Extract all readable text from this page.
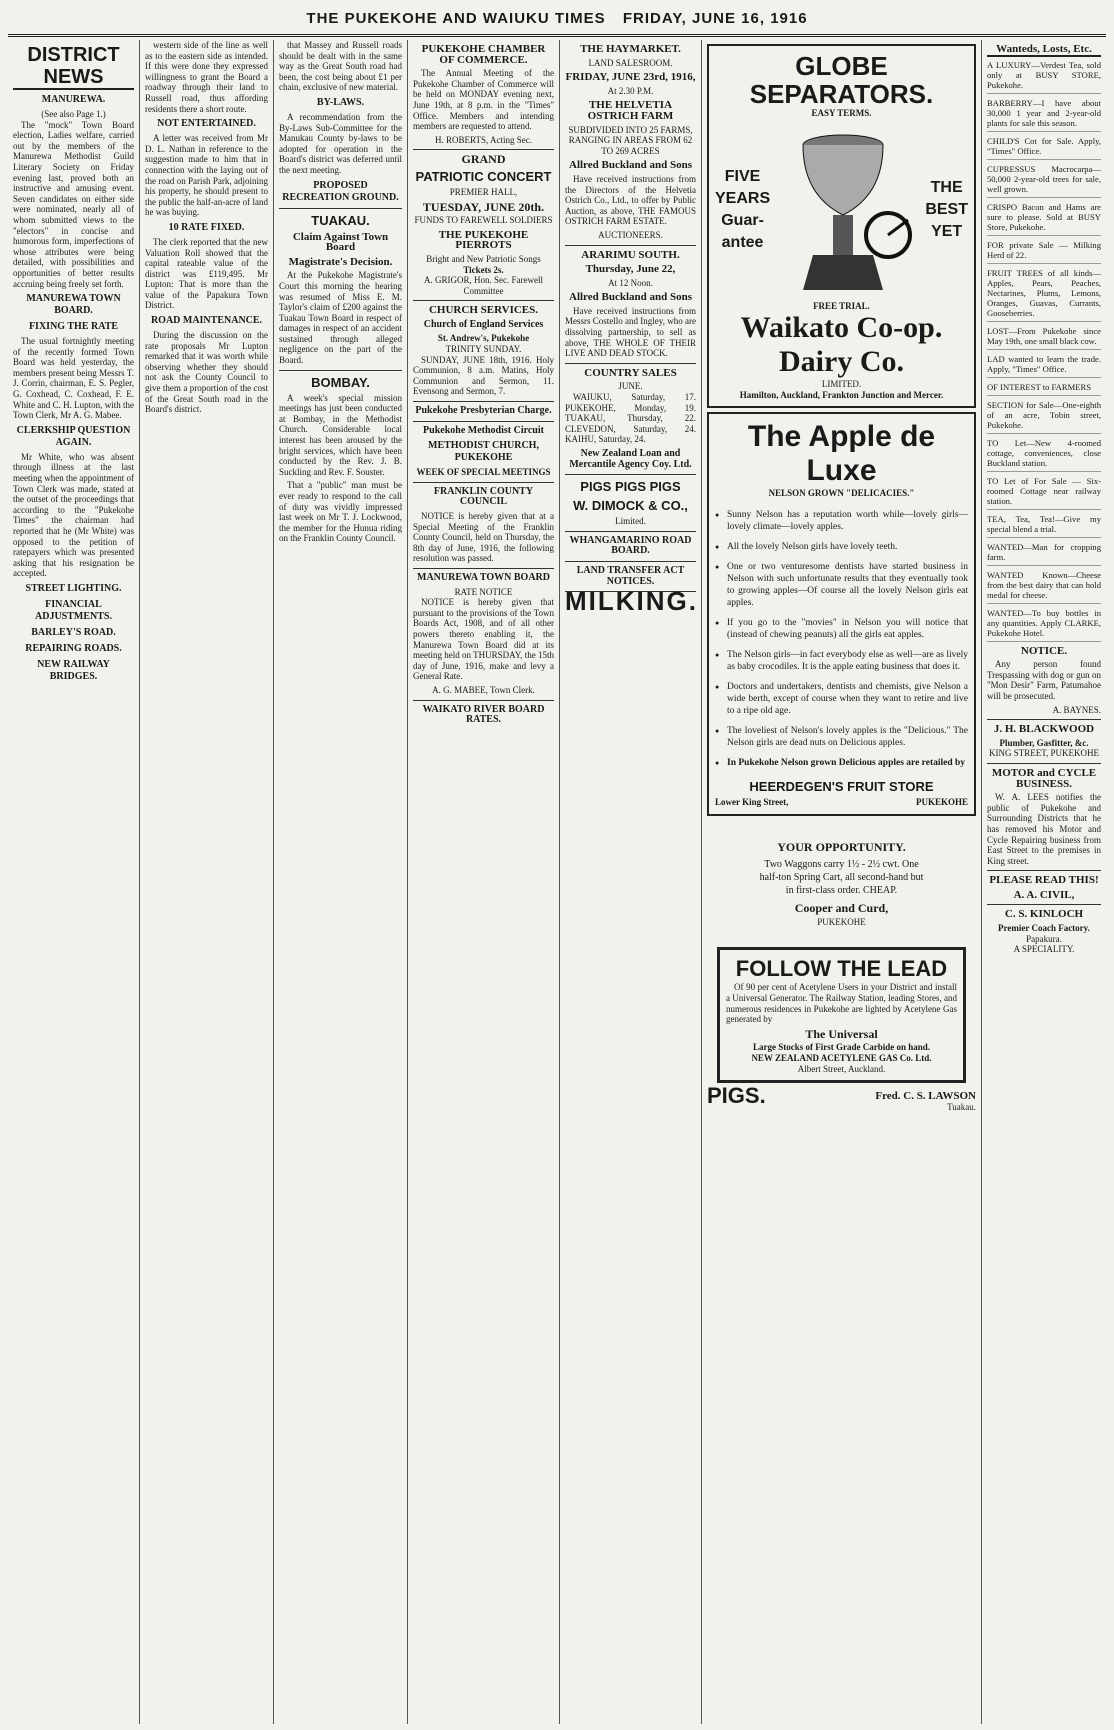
THE PUKEKOHE AND WAIUKU TIMES FRIDAY, JUNE 16, 1916
DISTRICT NEWS
MANUREWA.
(See also Page 1.)

The "mock" Town Board election, Ladies welfare, carried out by the members of the Manurewa Methodist Guild Literary Society on Friday evening last, proved both an instructive and amusing event. Seven candidates on either side were nominated, nearly all of whom submitted views to the "electors" in concise and humorous form, imperfections of whose attributes were being detailed, with possibilities and opportunities of better results accruing being freely set forth.

MANUREWA TOWN BOARD.
FIXING THE RATE

The usual fortnightly meeting of the recently formed Town Board was held yesterday, the members present being Messrs T. J. Corrin, chairman, E. S. Pegler, G. Coxhead, C. Coxhead, F. E. White and C. H. Lupton, with the Town Clerk, Mr A. G. Mabee.

CLERKSHIP QUESTION AGAIN.

Mr White, who was absent through illness at the last meeting when the appointment of Town Clerk was made, stated at the outset of the proceedings that according to the "Pukekohe Times" the chairman had reported that he (Mr White) was opposed to the petition of ratepayers which was presented asking that his resignation be accepted.

STREET LIGHTING.
FINANCIAL ADJUSTMENTS.
BARLEY'S ROAD.
REPAIRING ROADS.
NEW RAILWAY BRIDGES.

western side of the line as well as to the eastern side as intended. If this were done they expressed willingness to grant the Board a roadway through their land to Russell road, thus affording residents there a short route.

NOT ENTERTAINED.

A letter was received from Mr D. L. Nathan in reference to the suggestion made to him that in connection with the laying out of the road on Parish Park, adjoining his property, he should present to the public the half-an-acre of land he was buying.

10 RATE FIXED.

The clerk reported that the new Valuation Roll showed that the capital rateable value of the district was £119,495. Mr Lupton: That is more than the value of the Papakura Town District.

ROAD MAINTENANCE.

During the discussion on the rate proposals Mr Lupton remarked that it was worth while observing whether they should not ask the County Council to give them a proportion of the cost of the Great South road in the Board's district.

that Massey and Russell roads should be dealt with in the same way as the Great South road had been, the cost being about £1 per chain, exclusive of new material.

BY-LAWS.

A recommendation from the By-Laws Sub-Committee for the Manukau County by-laws to be adopted for operation in the Board's district was deferred until the next meeting.

PROPOSED RECREATION GROUND.
TUAKAU.
Claim Against Town Board
Magistrate's Decision.

At the Pukekohe Magistrate's Court this morning the hearing was resumed of Miss E. M. Taylor's claim of £200 against the Tuakau Town Board in respect of damages in respect of an accident sustained through alleged negligence on the part of the Board.

BOMBAY.

A week's special mission meetings has just been conducted at Bombay, in the Methodist Church. Considerable local interest has been aroused by the bright services, which have been conducted by the Rev. J. B. Suckling and Rev. F. Souster.

That a "public" man must be ever ready to respond to the call of duty was vividly impressed last week on Mr T. J. Lockwood, the member for the Hunua riding on the Franklin County Council.

PUKEKOHE CHAMBER OF COMMERCE.

The Annual Meeting of the Pukekohe Chamber of Commerce will be held on MONDAY evening next, June 19th, at 8 p.m. in the "Times" Office. Members and intending members are requested to attend.

H. ROBERTS, Acting Sec.
GRAND
PATRIOTIC CONCERT
PREMIER HALL,
TUESDAY, JUNE 20th.
FUNDS TO FAREWELL SOLDIERS
THE PUKEKOHE PIERROTS
Bright and New Patriotic Songs
Tickets 2s.
A. GRIGOR, Hon. Sec. Farewell Committee
CHURCH SERVICES.
Church of England Services
St. Andrew's, Pukekohe
TRINITY SUNDAY.

SUNDAY, JUNE 18th, 1916. Holy Communion, 8 a.m. Matins, Holy Communion and Sermon, 11. Evensong and Sermon, 7.

Pukekohe Presbyterian Charge.
Pukekohe Methodist Circuit
METHODIST CHURCH, PUKEKOHE
WEEK OF SPECIAL MEETINGS
FRANKLIN COUNTY COUNCIL

NOTICE is hereby given that at a Special Meeting of the Franklin County Council, held on Thursday, the 8th day of June, 1916, the following resolution was passed.

MANUREWA TOWN BOARD
RATE NOTICE

NOTICE is hereby given that pursuant to the provisions of the Town Boards Act, 1908, and of all other powers thereto enabling it, the Manurewa Town Board did at its meeting held on THURSDAY, the 15th day of June, 1916, make and levy a General Rate.

A. G. MABEE, Town Clerk.
WAIKATO RIVER BOARD RATES.
THE HAYMARKET.
LAND SALESROOM.
FRIDAY, JUNE 23rd, 1916,
At 2.30 P.M.
THE HELVETIA OSTRICH FARM
SUBDIVIDED INTO 25 FARMS, RANGING IN AREAS FROM 62 TO 269 ACRES
Allred Buckland and Sons

Have received instructions from the Directors of the Helvetia Ostrich Co., Ltd., to offer by Public Auction, as above, THE FAMOUS OSTRICH FARM ESTATE.

AUCTIONEERS.
ARARIMU SOUTH.
Thursday, June 22,
At 12 Noon.
Allred Buckland and Sons

Have received instructions from Messrs Costello and Ingley, who are dissolving partnership, to sell as above, THE WHOLE OF THEIR LIVE AND DEAD STOCK.

COUNTRY SALES
JUNE.

WAIUKU, Saturday, 17. PUKEKOHE, Monday, 19. TUAKAU, Thursday, 22. CLEVEDON, Saturday, 24. KAIHU, Saturday, 24.

New Zealand Loan and Mercantile Agency Coy. Ltd.
PIGS PIGS PIGS
W. DIMOCK & CO.,
Limited.
WHANGAMARINO ROAD BOARD.
LAND TRANSFER ACT NOTICES.
MILKING.
GLOBE SEPARATORS.
EASY TERMS.
FIVE
YEARS
Guar-
antee
THE
BEST
YET
FREE TRIAL.
Waikato Co-op. Dairy Co.
LIMITED.
Hamilton, Auckland, Frankton Junction and Mercer.
The Apple de Luxe
NELSON GROWN "DELICACIES."
● Sunny Nelson has a reputation worth while—lovely girls—lovely climate—lovely apples.
● All the lovely Nelson girls have lovely teeth.
● One or two venturesome dentists have started business in Nelson with such unfortunate results that they eventually took to growing apples—Of course all the lovely Nelson girls eat apples.
● If you go to the "movies" in Nelson you will notice that (instead of chewing peanuts) all the girls eat apples.
● The Nelson girls—in fact everybody else as well—are as lively as baby crocodiles. It is the apple eating business that does it.
● Doctors and undertakers, dentists and chemists, give Nelson a wide berth, except of course when they want to retire and live to a ripe old age.
● The loveliest of Nelson's lovely apples is the "Delicious." The Nelson girls are dead nuts on Delicious apples.
● In Pukekohe Nelson grown Delicious apples are retailed by
HEERDEGEN'S FRUIT STORE
Lower King Street,	PUKEKOHE
YOUR OPPORTUNITY.
Two Waggons carry 1½ - 2½ cwt. One half-ton Spring Cart, all second-hand but in first-class order. CHEAP.
Cooper and Curd,
PUKEKOHE
FOLLOW THE LEAD

Of 90 per cent of Acetylene Users in your District and install a Universal Generator. The Railway Station, leading Stores, and numerous residences in Pukekohe are lighted by Acetylene Gas generated by

The Universal
Large Stocks of First Grade Carbide on hand.
NEW ZEALAND ACETYLENE GAS Co. Ltd.
Albert Street, Auckland.
PIGS.	Fred. C. S. LAWSON
Tuakau.
Wanteds, Losts, Etc.
A LUXURY—Verdest Tea, sold only at BUSY STORE, Pukekohe.
BARBERRY—I have about 30,000 1 year and 2-year-old plants for sale this season.
CHILD'S Cot for Sale. Apply, "Times" Office.
CUPRESSUS Macrocarpa—50,000 2-year-old trees for sale, well grown.
CRISPO Bacon and Hams are sure to please. Sold at BUSY Store, Pukekohe.
FOR private Sale — Milking Herd of 22.
FRUIT TREES of all kinds—Apples, Pears, Peaches, Nectarines, Plums, Lemons, Oranges, Guavas, Currants, Gooseberries.
LOST—From Pukekohe since May 19th, one small black cow.
LAD wanted to learn the trade. Apply, "Times" Office.
OF INTEREST to FARMERS
SECTION for Sale—One-eighth of an acre, Tobin street, Pukekohe.
TO Let—New 4-roomed cottage, conveniences, close Buckland station.
TO Let of For Sale — Six-roomed Cottage near railway station.
TEA, Tea, Tea!—Give my special blend a trial.
WANTED—Man for cropping farm.
WANTED Known—Cheese from the best dairy that can hold medal for cheese.
WANTED—To buy bottles in any quantities. Apply CLARKE, Pukekohe Hotel.
NOTICE.

Any person found Trespassing with dog or gun on "Mon Desir" Farm, Patumahoe will be prosecuted.

A. BAYNES.
J. H. BLACKWOOD
Plumber, Gasfitter, &c.
KING STREET, PUKEKOHE
MOTOR and CYCLE BUSINESS.

W. A. LEES notifies the public of Pukekohe and Surrounding Districts that he has removed his Motor and Cycle Repairing business from East Street to the premises in King street.

PLEASE READ THIS!
A. A. CIVIL,
C. S. KINLOCH
Premier Coach Factory.
Papakura.
A SPECIALITY.
